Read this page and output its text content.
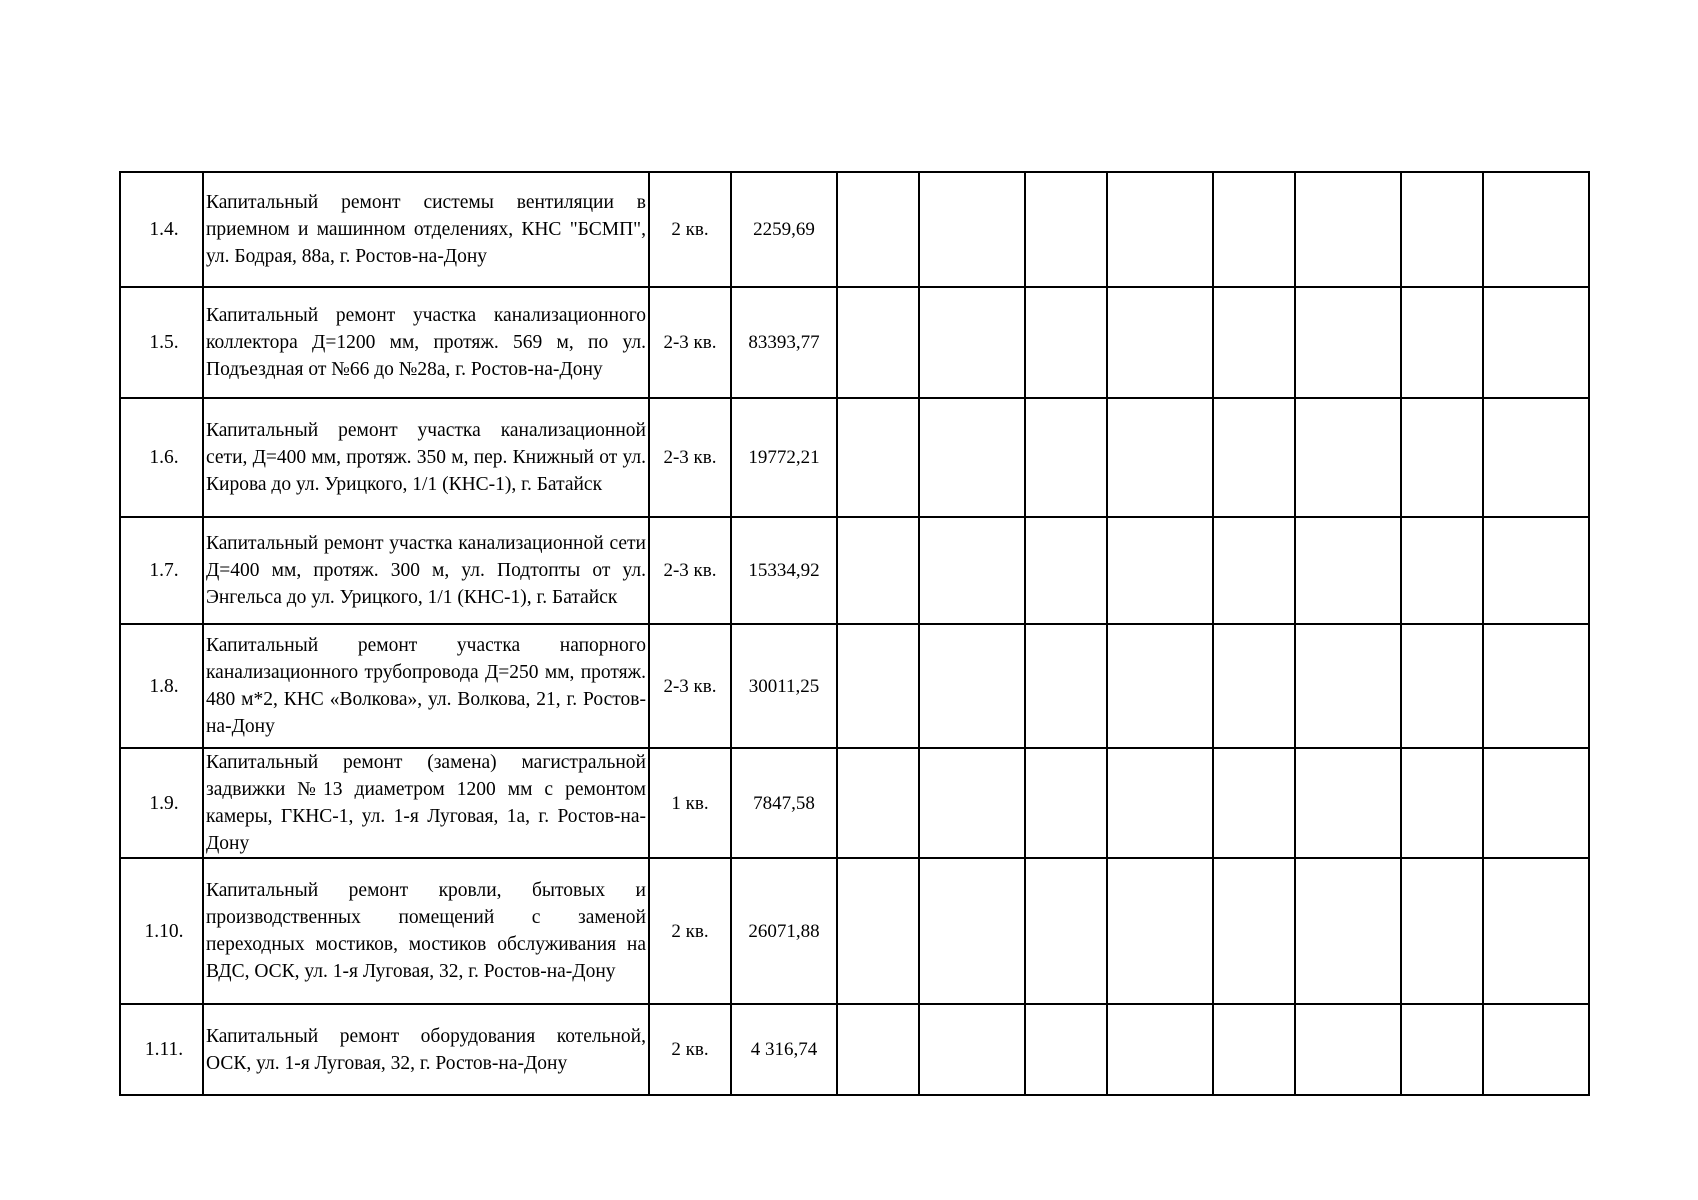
1.4.	Капитальный ремонт системы вентиляции в приемном и машинном отделениях, КНС "БСМП", ул. Бодрая, 88а, г. Ростов-на-Дону	2 кв.	2259,69								
1.5.	Капитальный ремонт участка канализационного коллектора Д=1200 мм, протяж. 569 м, по ул. Подъездная от №66 до №28а, г. Ростов-на-Дону	2-3 кв.	83393,77								
1.6.	Капитальный ремонт участка канализационной сети, Д=400 мм, протяж. 350 м, пер. Книжный от ул. Кирова до ул. Урицкого, 1/1 (КНС-1), г. Батайск	2-3 кв.	19772,21								
1.7.	Капитальный ремонт участка канализационной сети Д=400 мм, протяж. 300 м, ул. Подтопты от ул. Энгельса до ул. Урицкого, 1/1 (КНС-1), г. Батайск	2-3 кв.	15334,92								
1.8.	Капитальный ремонт участка напорного канализационного трубопровода Д=250 мм, протяж. 480 м*2, КНС «Волкова», ул. Волкова, 21, г. Ростов-на-Дону	2-3 кв.	30011,25								
1.9.	Капитальный ремонт (замена) магистральной задвижки №13 диаметром 1200 мм с ремонтом камеры, ГКНС-1, ул. 1-я Луговая, 1а, г. Ростов-на-Дону	1 кв.	7847,58								
1.10.	Капитальный ремонт кровли, бытовых и производственных помещений с заменой переходных мостиков, мостиков обслуживания на ВДС, ОСК, ул. 1-я Луговая, 32, г. Ростов-на-Дону	2 кв.	26071,88								
1.11.	Капитальный ремонт оборудования котельной, ОСК, ул. 1-я Луговая, 32, г. Ростов-на-Дону	2 кв.	4 316,74								
